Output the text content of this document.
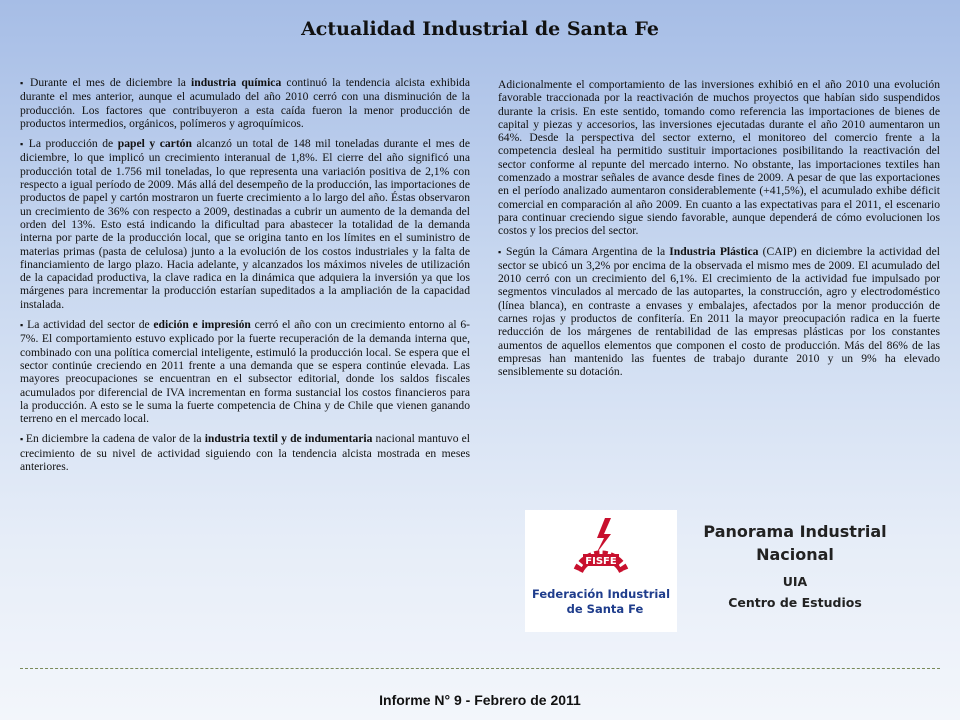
Actualidad Industrial de Santa Fe

▪ Durante el mes de diciembre la industria química continuó la tendencia alcista exhibida durante el mes anterior, aunque el acumulado del año 2010 cerró con una disminución de la producción. Los factores que contribuyeron a esta caída fueron la menor producción de productos intermedios, orgánicos, polímeros y agroquímicos.

▪ La producción de papel y cartón alcanzó un total de 148 mil toneladas durante el mes de diciembre, lo que implicó un crecimiento interanual de 1,8%. El cierre del año significó una producción total de 1.756 mil toneladas, lo que representa una variación positiva de 2,1% con respecto a igual período de 2009. Más allá del desempeño de la producción, las importaciones de productos de papel y cartón mostraron un fuerte crecimiento a lo largo del año. Éstas observaron un crecimiento de 36% con respecto a 2009, destinadas a cubrir un aumento de la demanda del orden del 13%. Esto está indicando la dificultad para abastecer la totalidad de la demanda interna por parte de la producción local, que se origina tanto en los límites en el suministro de materias primas (pasta de celulosa) junto a la evolución de los costos industriales y la falta de financiamiento de largo plazo. Hacia adelante, y alcanzados los máximos niveles de utilización de la capacidad productiva, la clave radica en la dinámica que adquiera la inversión ya que los márgenes para incrementar la producción estarían supeditados a la ampliación de la capacidad instalada.

▪ La actividad del sector de edición e impresión cerró el año con un crecimiento entorno al 6-7%. El comportamiento estuvo explicado por la fuerte recuperación de la demanda interna que, combinado con una política comercial inteligente, estimuló la producción local. Se espera que el sector continúe creciendo en 2011 frente a una demanda que se espera continúe elevada. Las mayores preocupaciones se encuentran en el subsector editorial, donde los saldos fiscales acumulados por diferencial de IVA incrementan en forma sustancial los costos financieros para la producción. A esto se le suma la fuerte competencia de China y de Chile que vienen ganando terreno en el mercado local.

▪ En diciembre la cadena de valor de la industria textil y de indumentaria nacional mantuvo el crecimiento de su nivel de actividad siguiendo con la tendencia alcista mostrada en meses anteriores.

Adicionalmente el comportamiento de las inversiones exhibió en el año 2010 una evolución favorable traccionada por la reactivación de muchos proyectos que habían sido suspendidos durante la crisis. En este sentido, tomando como referencia las importaciones de bienes de capital y piezas y accesorios, las inversiones ejecutadas durante el año 2010 aumentaron un 64%. Desde la perspectiva del sector externo, el monitoreo del comercio frente a la competencia desleal ha permitido sustituir importaciones posibilitando la reactivación del sector conforme al repunte del mercado interno. No obstante, las importaciones textiles han comenzado a mostrar señales de avance desde fines de 2009. A pesar de que las exportaciones en el período analizado aumentaron considerablemente (+41,5%), el acumulado exhibe déficit comercial en comparación al año 2009. En cuanto a las expectativas para el 2011, el escenario para continuar creciendo sigue siendo favorable, aunque dependerá de cómo evolucionen los costos y los precios del sector.

▪ Según la Cámara Argentina de la Industria Plástica (CAIP) en diciembre la actividad del sector se ubicó un 3,2% por encima de la observada el mismo mes de 2009. El acumulado del 2010 cerró con un crecimiento del 6,1%. El crecimiento de la actividad fue impulsado por segmentos vinculados al mercado de las autopartes, la construcción, agro y electrodoméstico (línea blanca), en contraste a envases y embalajes, afectados por la menor producción de carnes rojas y productos de confitería. En 2011 la mayor preocupación radica en la fuerte reducción de los márgenes de rentabilidad de las empresas plásticas por los constantes aumentos de aquellos elementos que componen el costo de producción. Más del 86% de las empresas han mantenido las fuentes de trabajo durante 2010 y un 9% ha elevado sensiblemente su dotación.

FISFE
Federación Industrial
de Santa Fe
Panorama Industrial
Nacional
UIA
Centro de Estudios
Informe N° 9 - Febrero de 2011
